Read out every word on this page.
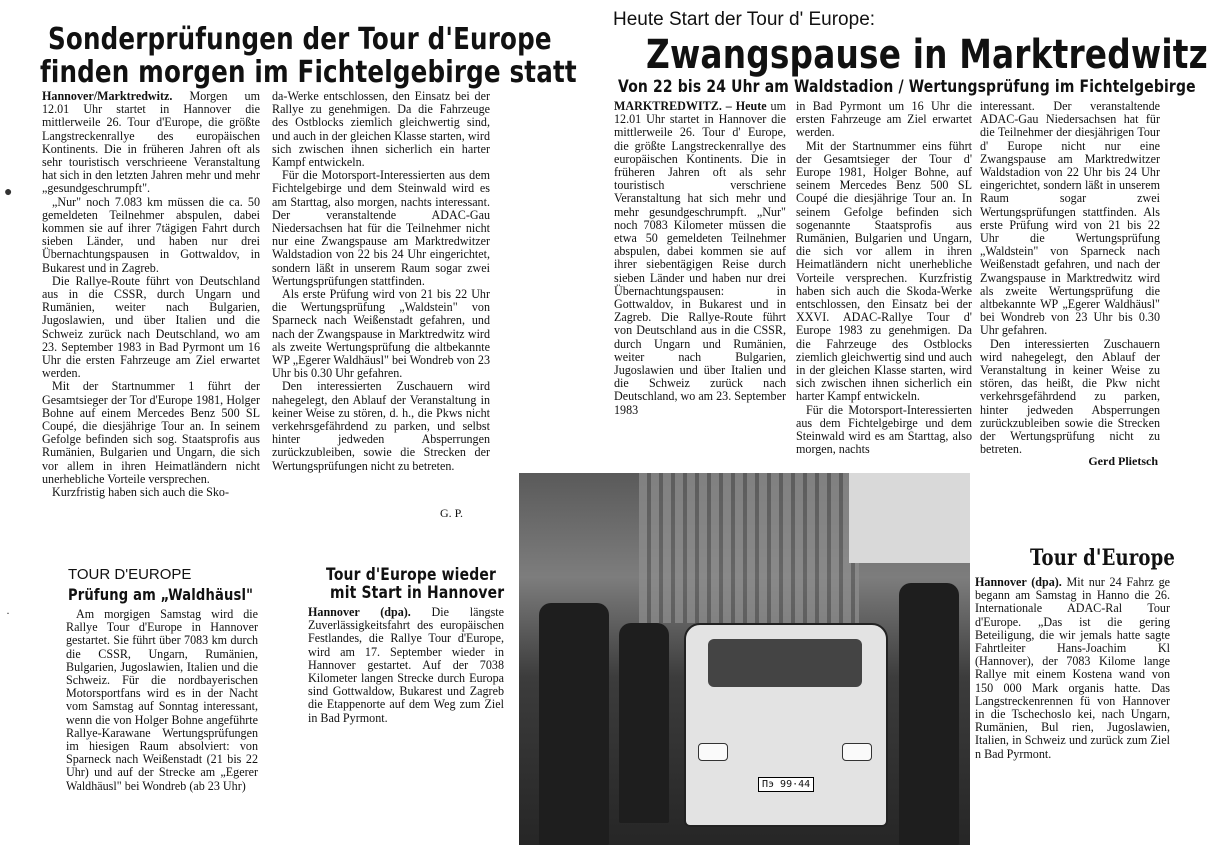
Sonderprüfungen der Tour d'Europe
finden morgen im Fichtelgebirge statt

Hannover/Marktredwitz. Morgen um 12.01 Uhr startet in Hannover die mittlerweile 26. Tour d'Europe, die größte Langstreckenrallye des europäischen Kontinents. Die in früheren Jahren oft als sehr touristisch verschrieene Veranstaltung hat sich in den letzten Jahren mehr und mehr „gesundgeschrumpft".

„Nur" noch 7.083 km müssen die ca. 50 gemeldeten Teilnehmer abspulen, dabei kommen sie auf ihrer 7tägigen Fahrt durch sieben Länder, und haben nur drei Übernachtungspausen in Gottwaldov, in Bukarest und in Zagreb.

Die Rallye-Route führt von Deutschland aus in die CSSR, durch Ungarn und Rumänien, weiter nach Bulgarien, Jugoslawien, und über Italien und die Schweiz zurück nach Deutschland, wo am 23. September 1983 in Bad Pyrmont um 16 Uhr die ersten Fahrzeuge am Ziel erwartet werden.

Mit der Startnummer 1 führt der Gesamtsieger der Tor d'Europe 1981, Holger Bohne auf einem Mercedes Benz 500 SL Coupé, die diesjährige Tour an. In seinem Gefolge befinden sich sog. Staatsprofis aus Rumänien, Bulgarien und Ungarn, die sich vor allem in ihren Heimatländern nicht unerhebliche Vorteile versprechen.

Kurzfristig haben sich auch die Sko-

da-Werke entschlossen, den Einsatz bei der Rallye zu genehmigen. Da die Fahrzeuge des Ostblocks ziemlich gleichwertig sind, und auch in der gleichen Klasse starten, wird sich zwischen ihnen sicherlich ein harter Kampf entwickeln.

Für die Motorsport-Interessierten aus dem Fichtelgebirge und dem Steinwald wird es am Starttag, also morgen, nachts interessant. Der veranstaltende ADAC-Gau Niedersachsen hat für die Teilnehmer nicht nur eine Zwangspause am Marktredwitzer Waldstadion von 22 bis 24 Uhr eingerichtet, sondern läßt in unserem Raum sogar zwei Wertungsprüfungen stattfinden.

Als erste Prüfung wird von 21 bis 22 Uhr die Wertungsprüfung „Waldstein" von Sparneck nach Weißenstadt gefahren, und nach der Zwangspause in Marktredwitz wird als zweite Wertungsprüfung die altbekannte WP „Egerer Waldhäusl" bei Wondreb von 23 Uhr bis 0.30 Uhr gefahren.

Den interessierten Zuschauern wird nahegelegt, den Ablauf der Veranstaltung in keiner Weise zu stören, d. h., die Pkws nicht verkehrsgefährdend zu parken, und selbst hinter jedweden Absperrungen zurückzubleiben, sowie die Strecken der Wertungsprüfungen nicht zu betreten.

G. P.
Heute Start der Tour d' Europe:
Zwangspause in Marktredwitz
Von 22 bis 24 Uhr am Waldstadion / Wertungsprüfung im Fichtelgebirge

MARKTREDWITZ. – Heute um 12.01 Uhr startet in Hannover die mittlerweile 26. Tour d' Europe, die größte Langstreckenrallye des europäischen Kontinents. Die in früheren Jahren oft als sehr touristisch verschriene Veranstaltung hat sich mehr und mehr gesundgeschrumpft. „Nur" noch 7083 Kilometer müssen die etwa 50 gemeldeten Teilnehmer abspulen, dabei kommen sie auf ihrer siebentägigen Reise durch sieben Länder und haben nur drei Übernachtungspausen: in Gottwaldov, in Bukarest und in Zagreb. Die Rallye-Route führt von Deutschland aus in die CSSR, durch Ungarn und Rumänien, weiter nach Bulgarien, Jugoslawien und über Italien und die Schweiz zurück nach Deutschland, wo am 23. September 1983

in Bad Pyrmont um 16 Uhr die ersten Fahrzeuge am Ziel erwartet werden.

Mit der Startnummer eins führt der Gesamtsieger der Tour d' Europe 1981, Holger Bohne, auf seinem Mercedes Benz 500 SL Coupé die diesjährige Tour an. In seinem Gefolge befinden sich sogenannte Staatsprofis aus Rumänien, Bulgarien und Ungarn, die sich vor allem in ihren Heimatländern nicht unerhebliche Vorteile versprechen. Kurzfristig haben sich auch die Skoda-Werke entschlossen, den Einsatz bei der XXVI. ADAC-Rallye Tour d' Europe 1983 zu genehmigen. Da die Fahrzeuge des Ostblocks ziemlich gleichwertig sind und auch in der gleichen Klasse starten, wird sich zwischen ihnen sicherlich ein harter Kampf entwickeln.

Für die Motorsport-Interessierten aus dem Fichtelgebirge und dem Steinwald wird es am Starttag, also morgen, nachts

interessant. Der veranstaltende ADAC-Gau Niedersachsen hat für die Teilnehmer der diesjährigen Tour d' Europe nicht nur eine Zwangspause am Marktredwitzer Waldstadion von 22 Uhr bis 24 Uhr eingerichtet, sondern läßt in unserem Raum sogar zwei Wertungsprüfungen stattfinden. Als erste Prüfung wird von 21 bis 22 Uhr die Wertungsprüfung „Waldstein" von Sparneck nach Weißenstadt gefahren, und nach der Zwangspause in Marktredwitz wird als zweite Wertungsprüfung die altbekannte WP „Egerer Waldhäusl" bei Wondreb von 23 Uhr bis 0.30 Uhr gefahren.

Den interessierten Zuschauern wird nahegelegt, den Ablauf der Veranstaltung in keiner Weise zu stören, das heißt, die Pkw nicht verkehrsgefährdend zu parken, hinter jedweden Absperrungen zurückzubleiben sowie die Strecken der Wertungsprüfung nicht zu betreten.

Gerd Plietsch
TOUR D'EUROPE
Prüfung am „Waldhäusl"

Am morgigen Samstag wird die Rallye Tour d'Europe in Hannover gestartet. Sie führt über 7083 km durch die CSSR, Ungarn, Rumänien, Bulgarien, Jugoslawien, Italien und die Schweiz. Für die nordbayerischen Motorsportfans wird es in der Nacht vom Samstag auf Sonntag interessant, wenn die von Holger Bohne angeführte Rallye-Karawane Wertungsprüfungen im hiesigen Raum absolviert: von Sparneck nach Weißenstadt (21 bis 22 Uhr) und auf der Strecke am „Egerer Waldhäusl" bei Wondreb (ab 23 Uhr)

Tour d'Europe wieder
mit Start in Hannover

Hannover (dpa). Die längste Zuverlässigkeitsfahrt des europäischen Festlandes, die Rallye Tour d'Europe, wird am 17. September wieder in Hannover gestartet. Auf der 7038 Kilometer langen Strecke durch Europa sind Gottwaldow, Bukarest und Zagreb die Etappenorte auf dem Weg zum Ziel in Bad Pyrmont.

Пэ 99·44
Tour d'Europe

Hannover (dpa). Mit nur 24 Fahrz ge begann am Samstag in Hanno die 26. Internationale ADAC-Ral Tour d'Europe. „Das ist die gering Beteiligung, die wir jemals hatte sagte Fahrtleiter Hans-Joachim Kl (Hannover), der 7083 Kilome lange Rallye mit einem Kostena wand von 150 000 Mark organis hatte. Das Langstreckenrennen fü von Hannover in die Tschechoslo kei, nach Ungarn, Rumänien, Bul rien, Jugoslawien, Italien, in Schweiz und zurück zum Ziel n Bad Pyrmont.

●
·
